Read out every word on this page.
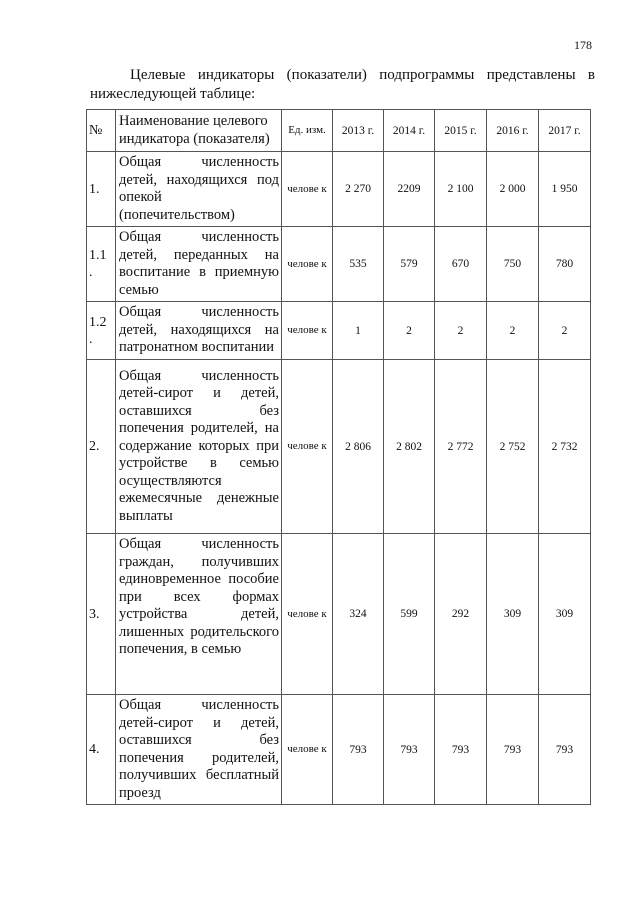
178
Целевые индикаторы (показатели) подпрограммы представлены в
нижеследующей таблице:
№	Наименование целевого индикатора (показателя)	Ед. изм.	2013 г.	2014 г.	2015 г.	2016 г.	2017 г.
1.	Общая численность детей, находящихся под опекой (попечительством)	челове к	2 270	2209	2 100	2 000	1 950
1.1 .	Общая численность детей, переданных на воспитание в приемную семью	челове к	535	579	670	750	780
1.2 .	Общая численность детей, находящихся на патронатном воспитании	челове к	1	2	2	2	2
2.	Общая численность детей-сирот и детей, оставшихся без попечения родителей, на содержание которых при устройстве в семью осуществляются ежемесячные денежные выплаты	челове к	2 806	2 802	2 772	2 752	2 732
3.	Общая численность граждан, получивших единовременное пособие при всех формах устройства детей, лишенных родительского попечения, в семью	челове к	324	599	292	309	309
4.	Общая численность детей-сирот и детей, оставшихся без попечения родителей, получивших бесплатный проезд	челове к	793	793	793	793	793
